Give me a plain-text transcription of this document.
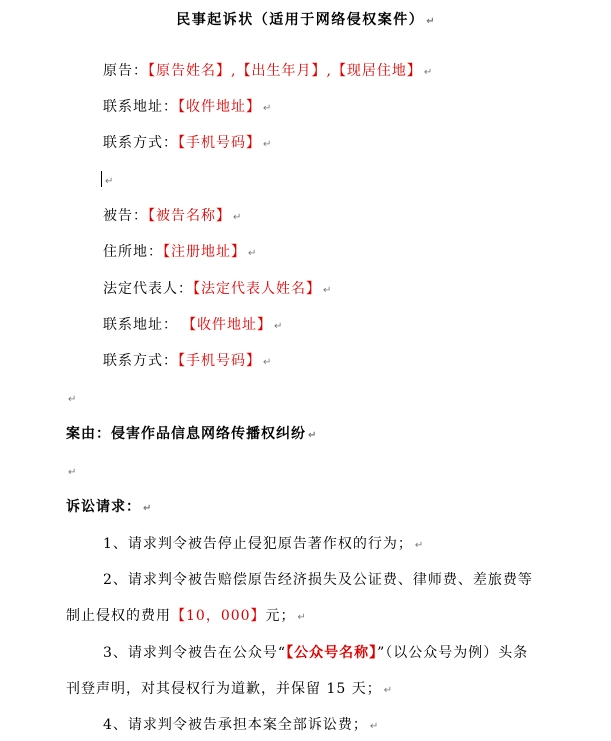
民事起诉状（适用于网络侵权案件） ↵
原告：【原告姓名】,【出生年月】,【现居住地】 ↵
联系地址：【收件地址】 ↵
联系方式：【手机号码】 ↵
↵
被告：【被告名称】 ↵
住所地：【注册地址】 ↵
法定代表人：【法定代表人姓名】 ↵
联系地址： 【收件地址】 ↵
联系方式：【手机号码】 ↵
↵
案由：侵害作品信息网络传播权纠纷 ↵
↵
诉讼请求： ↵
1、请求判令被告停止侵犯原告著作权的行为； ↵
2、请求判令被告赔偿原告经济损失及公证费、律师费、差旅费等
制止侵权的费用【10，000】元； ↵
3、请求判令被告在公众号“【公众号名称】”（以公众号为例）头条
刊登声明，对其侵权行为道歉，并保留 15 天； ↵
4、请求判令被告承担本案全部诉讼费； ↵
